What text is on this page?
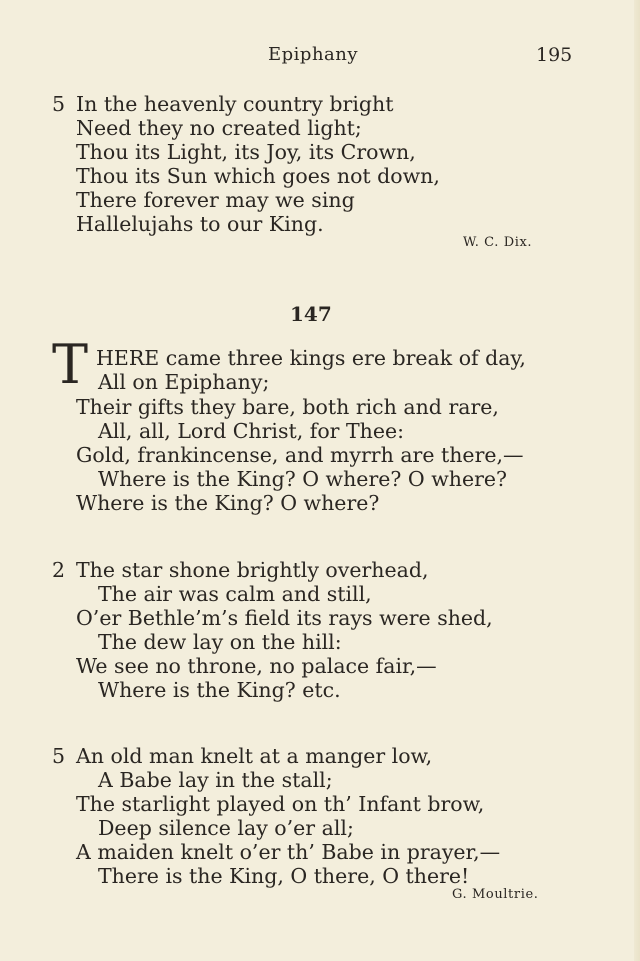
Epiphany	195
5 In the heavenly country bright
Need they no created light;
Thou its Light, its Joy, its Crown,
Thou its Sun which goes not down,
There forever may we sing
Hallelujahs to our King.
W. C. Dix.
147
T HERE came three kings ere break of day,
All on Epiphany;
Their gifts they bare, both rich and rare,
All, all, Lord Christ, for Thee:
Gold, frankincense, and myrrh are there,—
Where is the King? O where? O where?
Where is the King? O where?
2 The star shone brightly overhead,
The air was calm and still,
O’er Bethle’m’s field its rays were shed,
The dew lay on the hill:
We see no throne, no palace fair,—
Where is the King? etc.
5 An old man knelt at a manger low,
A Babe lay in the stall;
The starlight played on th’ Infant brow,
Deep silence lay o’er all;
A maiden knelt o’er th’ Babe in prayer,—
There is the King, O there, O there!
G. Moultrie.
